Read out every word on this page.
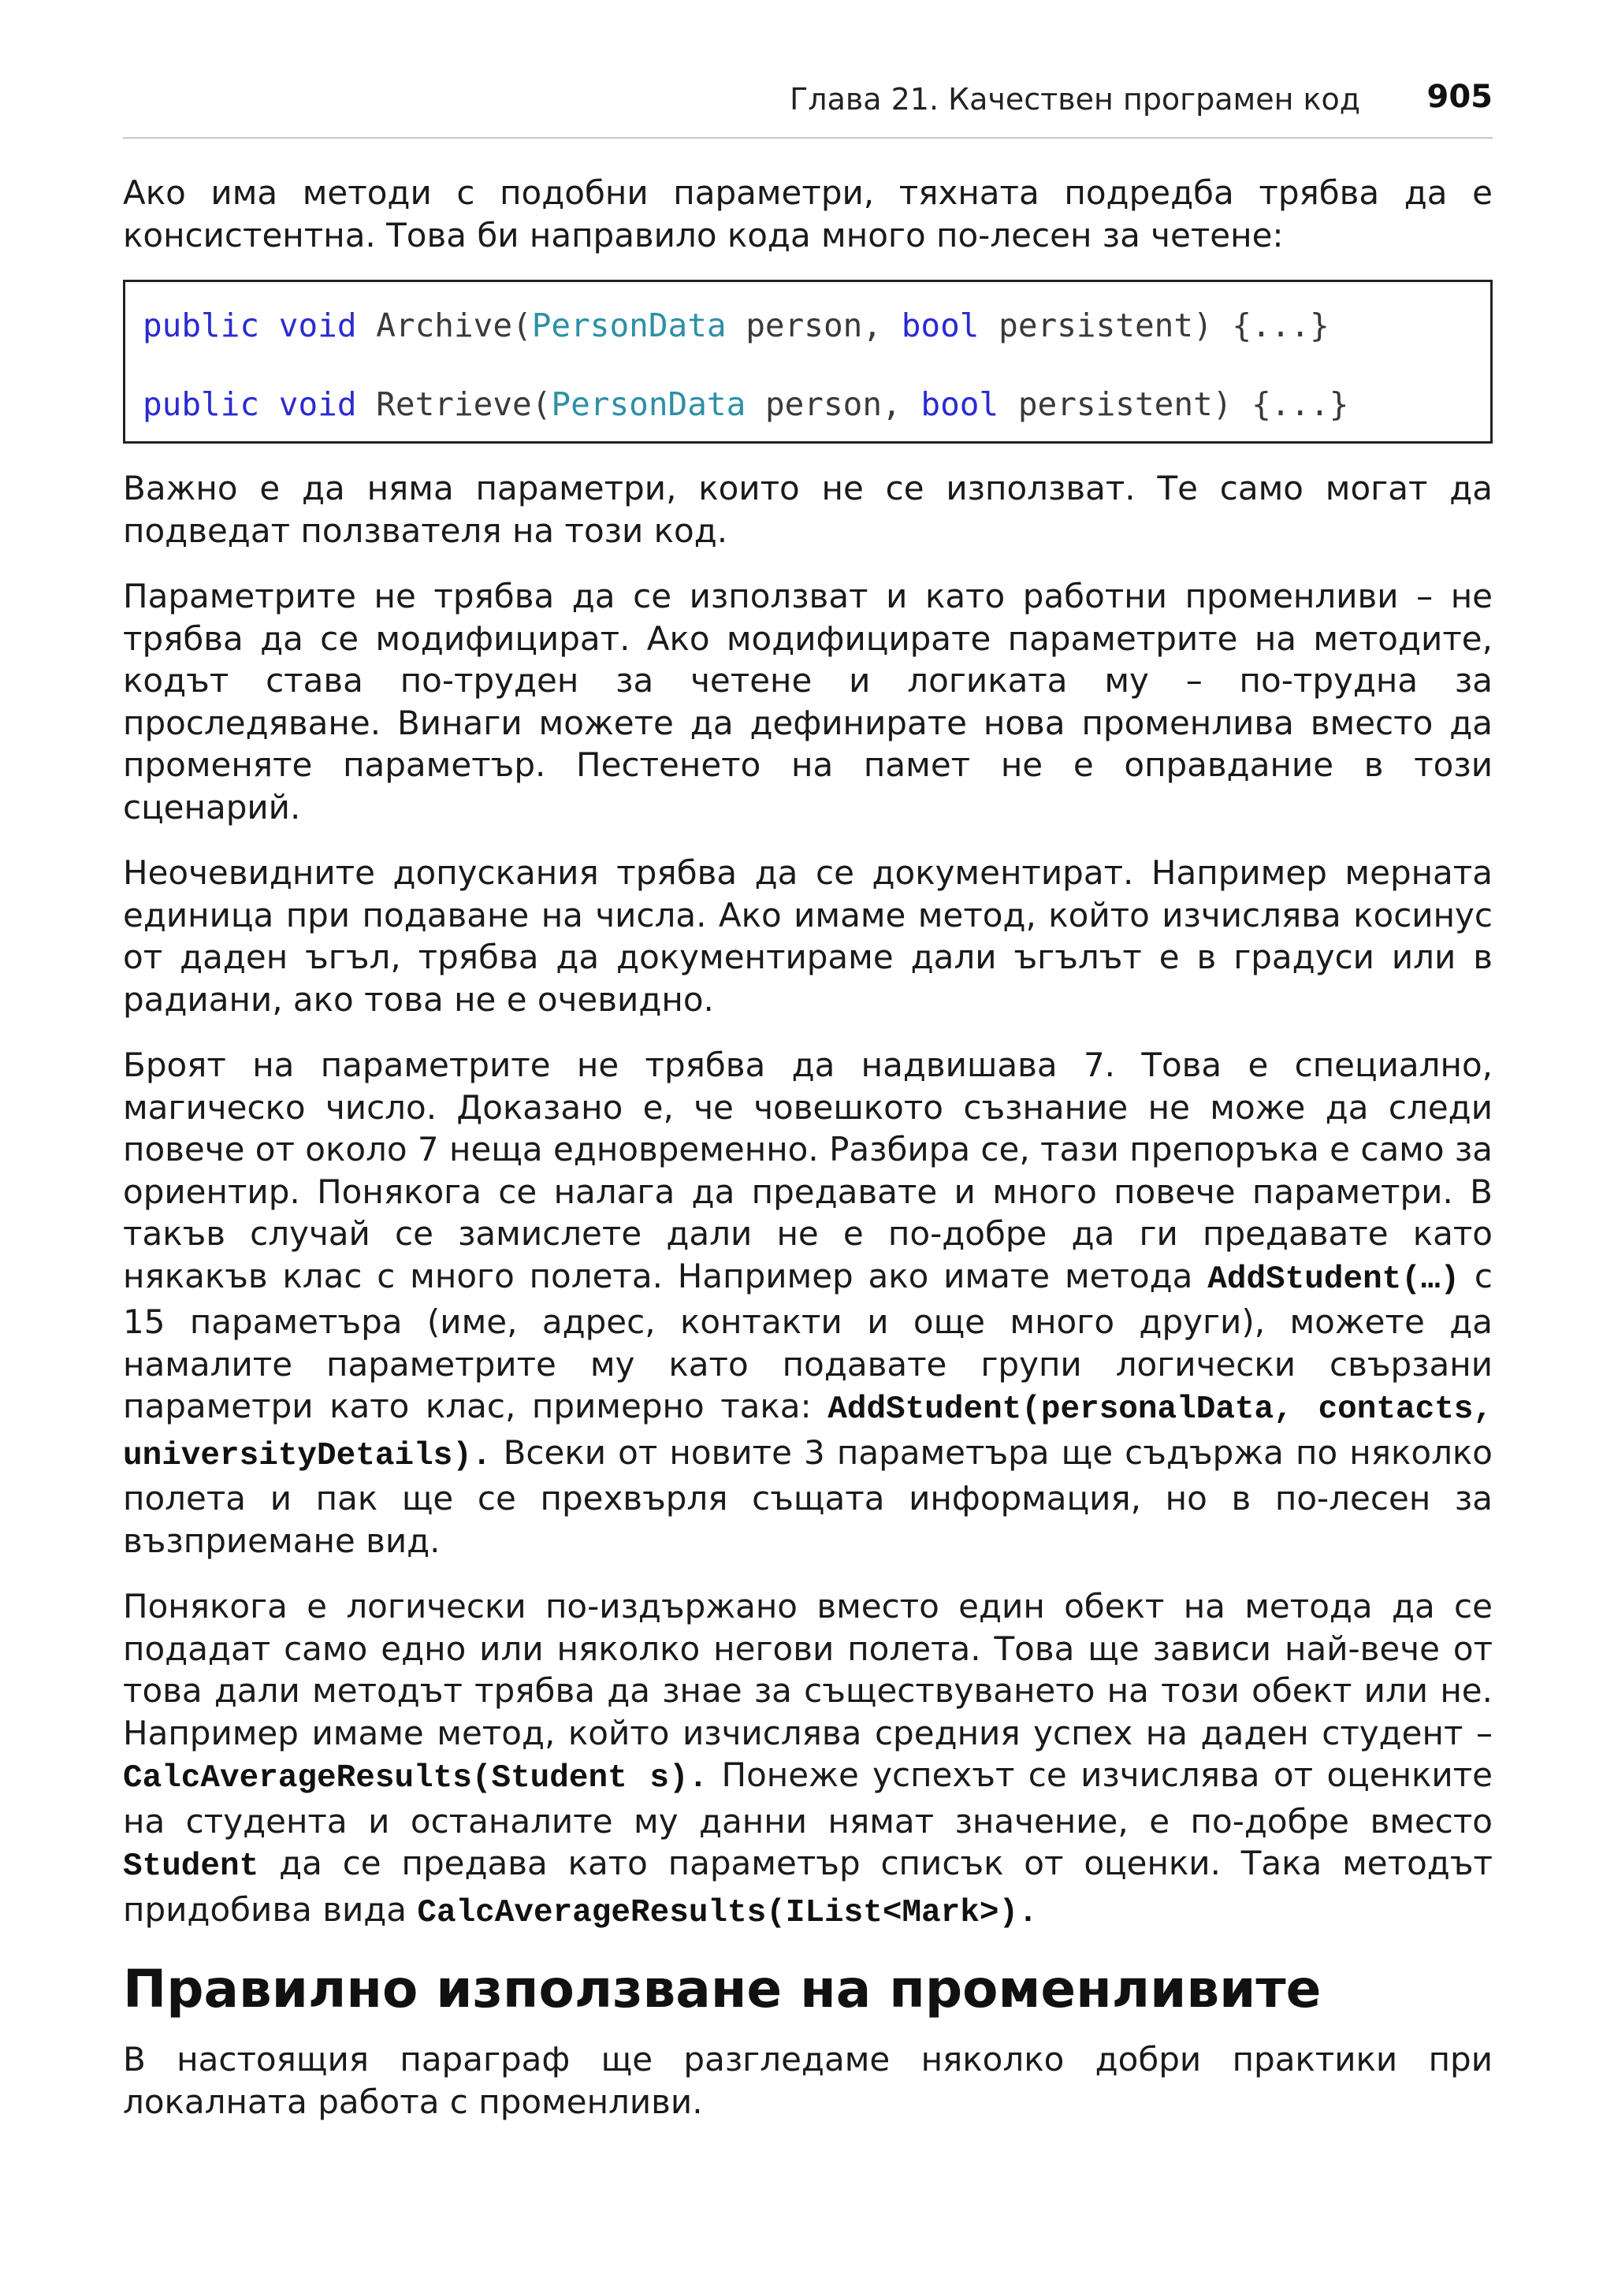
Глава 21. Качествен програмен код 905

Ако има методи с подобни параметри, тяхната подредба трябва да е консистентна. Това би направило кода много по-лесен за четене:

public void Archive(PersonData person, bool persistent) {...}
public void Retrieve(PersonData person, bool persistent) {...}

Важно е да няма параметри, които не се използват. Те само могат да подведат ползвателя на този код.

Параметрите не трябва да се използват и като работни променливи – не трябва да се модифицират. Ако модифицирате параметрите на методите, кодът става по-труден за четене и логиката му – по-трудна за проследяване. Винаги можете да дефинирате нова променлива вместо да променяте параметър. Пестенето на памет не е оправдание в този сценарий.

Неочевидните допускания трябва да се документират. Например мерната единица при подаване на числа. Ако имаме метод, който изчислява косинус от даден ъгъл, трябва да документираме дали ъгълът е в градуси или в радиани, ако това не е очевидно.

Броят на параметрите не трябва да надвишава 7. Това е специално, магическо число. Доказано е, че човешкото съзнание не може да следи повече от около 7 неща едновременно. Разбира се, тази препоръка е само за ориентир. Понякога се налага да предавате и много повече параметри. В такъв случай се замислете дали не е по-добре да ги предавате като някакъв клас с много полета. Например ако имате метода AddStudent(…) с 15 параметъра (име, адрес, контакти и още много други), можете да намалите параметрите му като подавате групи логически свързани параметри като клас, примерно така: AddStudent(personalData, contacts, universityDetails). Всеки от новите 3 параметъра ще съдържа по няколко полета и пак ще се прехвърля същата информация, но в по-лесен за възприемане вид.

Понякога е логически по-издържано вместо един обект на метода да се подадат само едно или няколко негови полета. Това ще зависи най-вече от това дали методът трябва да знае за съществуването на този обект или не. Например имаме метод, който изчислява средния успех на даден студент – CalcAverageResults(Student s). Понеже успехът се изчислява от оценките на студента и останалите му данни нямат значение, е по-добре вместо Student да се предава като параметър списък от оценки. Така методът придобива вида CalcAverageResults(IList<Mark>).

Правилно използване на променливите

В настоящия параграф ще разгледаме няколко добри практики при локалната работа с променливи.
